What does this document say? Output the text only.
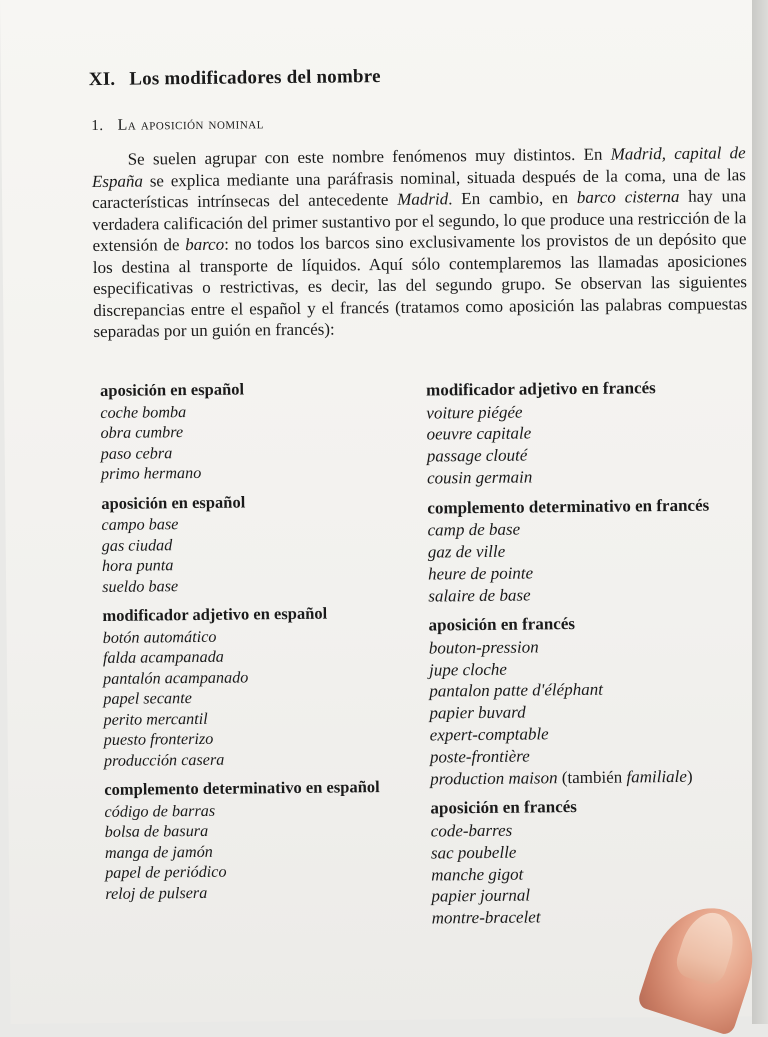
XI. Los modificadores del nombre
1. La aposición nominal

Se suelen agrupar con este nombre fenómenos muy distintos. En Madrid, capital de España se explica mediante una paráfrasis nominal, situada después de la coma, una de las características intrínsecas del antecedente Madrid. En cambio, en barco cisterna hay una verdadera calificación del primer sustantivo por el segundo, lo que produce una restricción de la extensión de barco: no todos los barcos sino exclusivamente los provistos de un depósito que los destina al transporte de líquidos. Aquí sólo contemplaremos las llamadas aposiciones especificativas o restrictivas, es decir, las del segundo grupo. Se observan las siguientes discrepancias entre el español y el francés (tratamos como aposición las palabras compuestas separadas por un guión en francés):

aposición en español
coche bomba
obra cumbre
paso cebra
primo hermano
aposición en español
campo base
gas ciudad
hora punta
sueldo base
modificador adjetivo en español
botón automático
falda acampanada
pantalón acampanado
papel secante
perito mercantil
puesto fronterizo
producción casera
complemento determinativo en español
código de barras
bolsa de basura
manga de jamón
papel de periódico
reloj de pulsera
modificador adjetivo en francés
voiture piégée
oeuvre capitale
passage clouté
cousin germain
complemento determinativo en francés
camp de base
gaz de ville
heure de pointe
salaire de base
aposición en francés
bouton-pression
jupe cloche
pantalon patte d'éléphant
papier buvard
expert-comptable
poste-frontière
production maison (también familiale)
aposición en francés
code-barres
sac poubelle
manche gigot
papier journal
montre-bracelet
